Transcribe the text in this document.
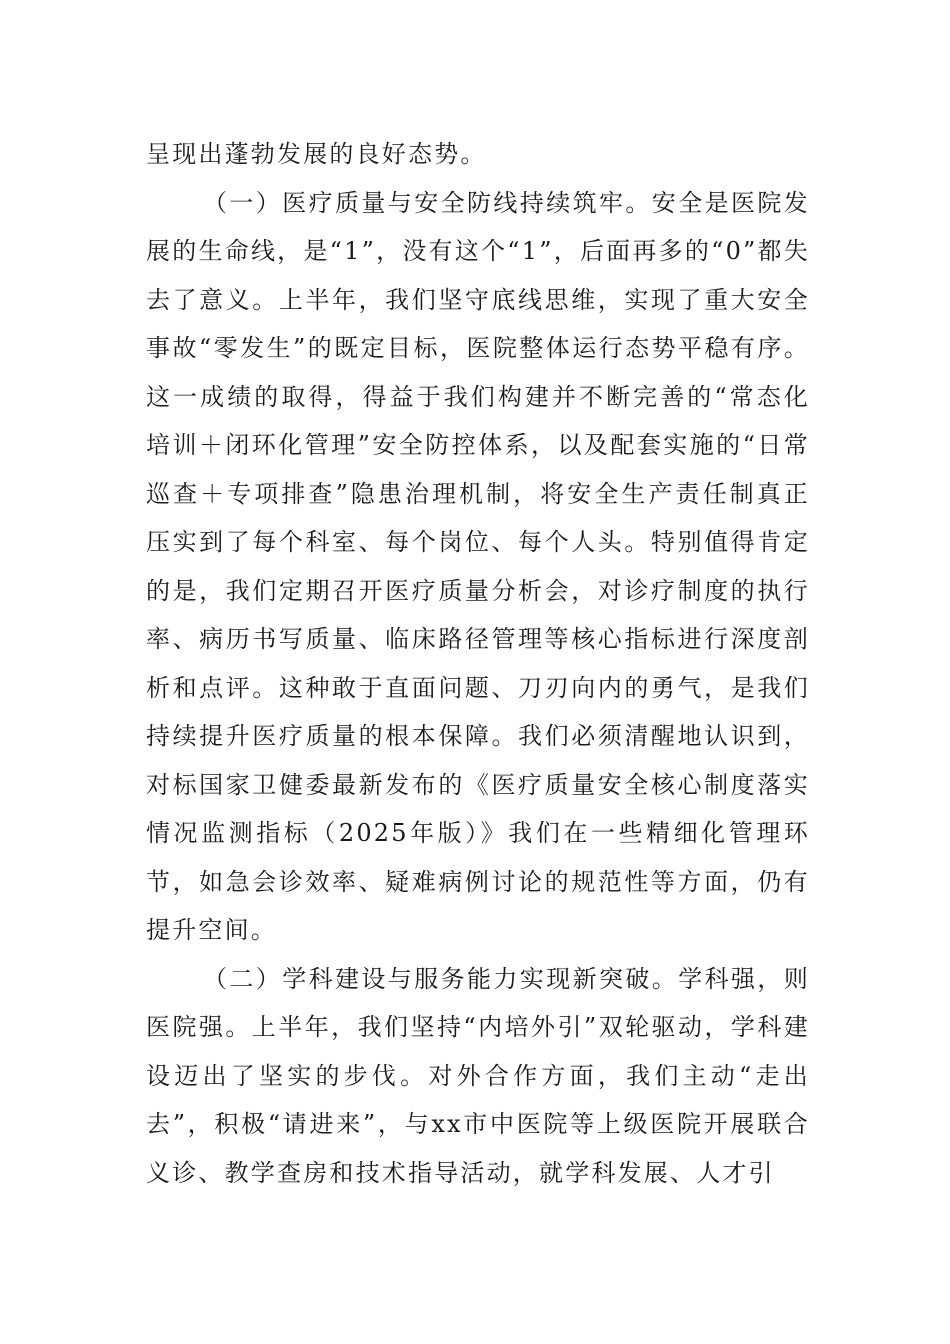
呈现出蓬勃发展的良好态势。

（一）医疗质量与安全防线持续筑牢。安全是医院发展的生命线，是“1”，没有这个“1”，后面再多的“0”都失去了意义。上半年，我们坚守底线思维，实现了重大安全事故“零发生”的既定目标，医院整体运行态势平稳有序。这一成绩的取得，得益于我们构建并不断完善的“常态化培训＋闭环化管理”安全防控体系，以及配套实施的“日常巡查＋专项排查”隐患治理机制，将安全生产责任制真正压实到了每个科室、每个岗位、每个人头。特别值得肯定的是，我们定期召开医疗质量分析会，对诊疗制度的执行率、病历书写质量、临床路径管理等核心指标进行深度剖析和点评。这种敢于直面问题、刀刃向内的勇气，是我们持续提升医疗质量的根本保障。我们必须清醒地认识到，对标国家卫健委最新发布的《医疗质量安全核心制度落实情况监测指标（2025年版）》我们在一些精细化管理环节，如急会诊效率、疑难病例讨论的规范性等方面，仍有提升空间。

（二）学科建设与服务能力实现新突破。学科强，则医院强。上半年，我们坚持“内培外引”双轮驱动，学科建设迈出了坚实的步伐。对外合作方面，我们主动“走出去”，积极“请进来”，与xx市中医院等上级医院开展联合义诊、教学查房和技术指导活动，就学科发展、人才引
